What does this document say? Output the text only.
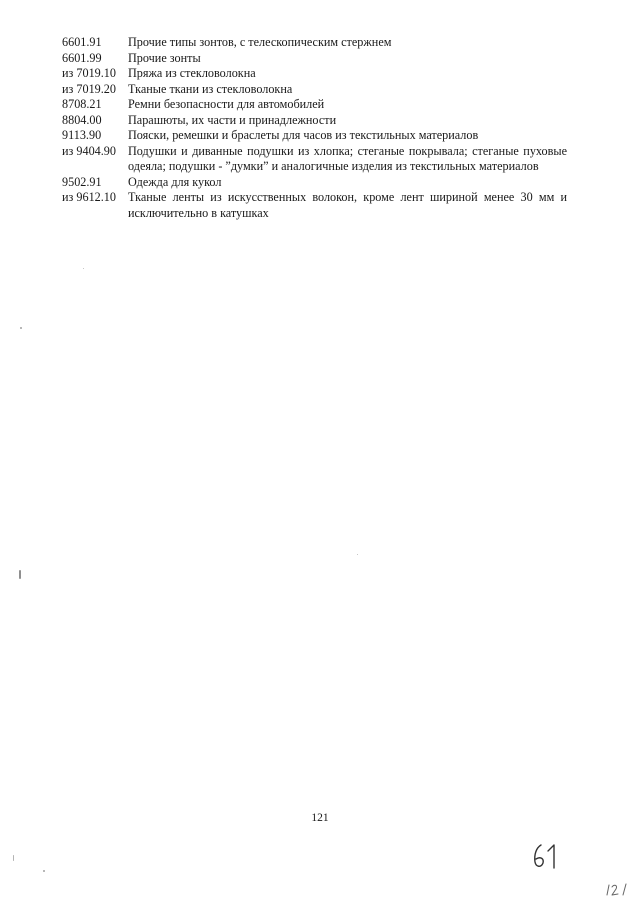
6601.91	Прочие типы зонтов, с телескопическим стержнем
6601.99	Прочие зонты
из 7019.10 Пряжа из стекловолокна
из 7019.20 Тканые ткани из стекловолокна
8708.21	Ремни безопасности для автомобилей
8804.00	Парашюты, их части и принадлежности
9113.90	Пояски, ремешки и браслеты для часов из текстильных материалов
из 9404.90 Подушки и диванные подушки из хлопка; стеганые покрывала; стеганые пуховые одеяла; подушки - ”думки” и аналогичные изделия из текстильных материалов
9502.91	Одежда для кукол
из 9612.10 Тканые ленты из искусственных волокон, кроме лент шириной менее 30 мм и исключительно в катушках
121
